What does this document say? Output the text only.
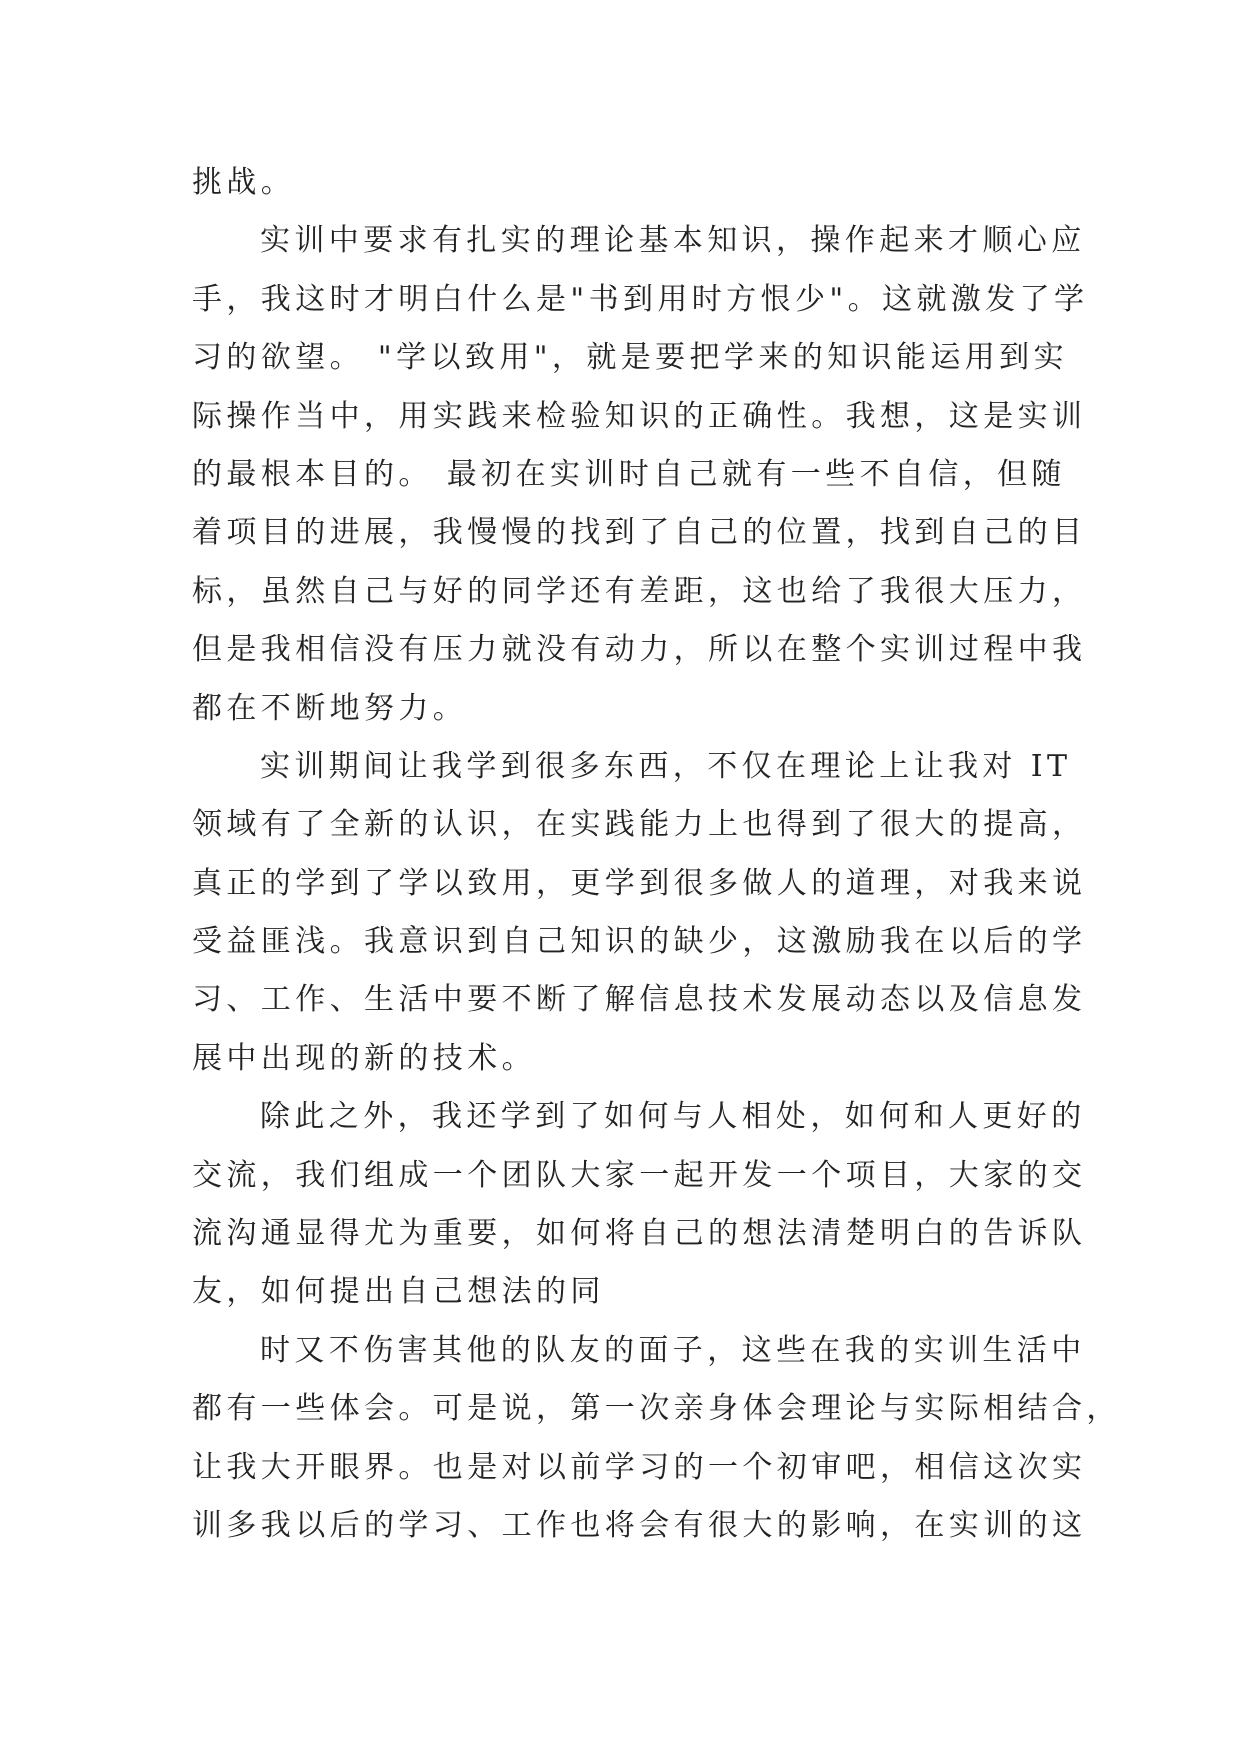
挑战。
实训中要求有扎实的理论基本知识，操作起来才顺心应
手，我这时才明白什么是"书到用时方恨少"。这就激发了学
习的欲望。 "学以致用"，就是要把学来的知识能运用到实
际操作当中，用实践来检验知识的正确性。我想，这是实训
的最根本目的。 最初在实训时自己就有一些不自信，但随
着项目的进展，我慢慢的找到了自己的位置，找到自己的目
标，虽然自己与好的同学还有差距，这也给了我很大压力，
但是我相信没有压力就没有动力，所以在整个实训过程中我
都在不断地努力。
实训期间让我学到很多东西，不仅在理论上让我对 IT
领域有了全新的认识，在实践能力上也得到了很大的提高，
真正的学到了学以致用，更学到很多做人的道理，对我来说
受益匪浅。我意识到自己知识的缺少，这激励我在以后的学
习、工作、生活中要不断了解信息技术发展动态以及信息发
展中出现的新的技术。
除此之外，我还学到了如何与人相处，如何和人更好的
交流，我们组成一个团队大家一起开发一个项目，大家的交
流沟通显得尤为重要，如何将自己的想法清楚明白的告诉队
友，如何提出自己想法的同
时又不伤害其他的队友的面子，这些在我的实训生活中
都有一些体会。可是说，第一次亲身体会理论与实际相结合，
让我大开眼界。也是对以前学习的一个初审吧，相信这次实
训多我以后的学习、工作也将会有很大的影响，在实训的这
